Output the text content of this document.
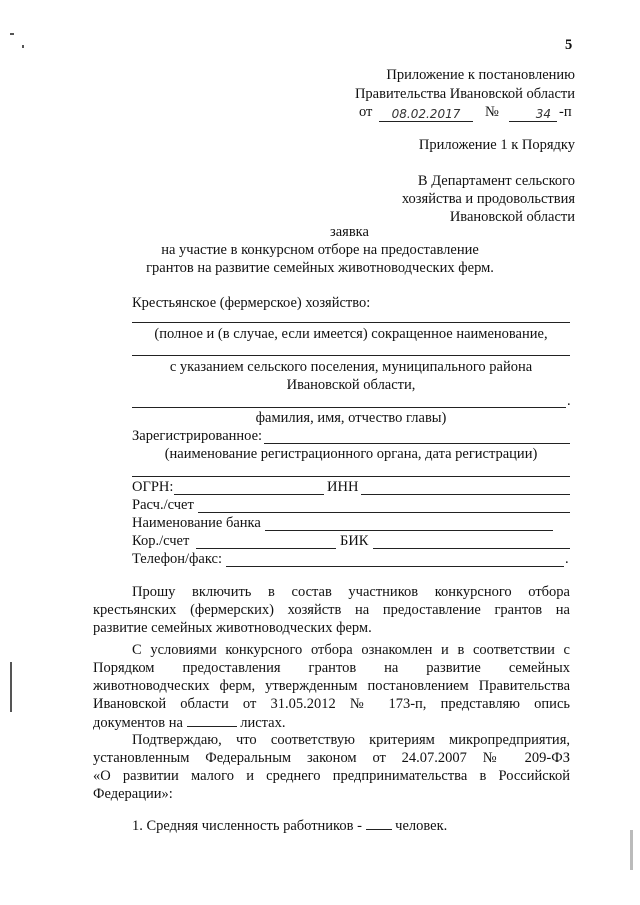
5
Приложение к постановлению
Правительства Ивановской области
от	08.02.2017	№	34 -п
Приложение 1 к Порядку
В Департамент сельского
хозяйства и продовольствия
Ивановской области
заявка
на участие в конкурсном отборе на предоставление
грантов на развитие семейных животноводческих ферм.
Крестьянское (фермерское) хозяйство:
(полное и (в случае, если имеется) сокращенное наименование,
с указанием сельского поселения, муниципального района
Ивановской области,
.
фамилия, имя, отчество главы)
Зарегистрированное:
(наименование регистрационного органа, дата регистрации)
ОГРН:	ИНН
Расч./счет
Наименование банка
Кор./счет	БИК
Телефон/факс:	.
Прошу включить в состав участников конкурсного отбора
крестьянских (фермерских) хозяйств на предоставление грантов на
развитие семейных животноводческих ферм.
С условиями конкурсного отбора ознакомлен и в соответствии с
Порядком предоставления грантов на развитие семейных
животноводческих ферм, утвержденным постановлением Правительства
Ивановской области от 31.05.2012 № 173-п, представляю опись
документов на	листах.
Подтверждаю, что соответствую критериям микропредприятия,
установленным Федеральным законом от 24.07.2007 № 209-ФЗ
«О развитии малого и среднего предпринимательства в Российской
Федерации»:
1. Средняя численность работников - человек.
